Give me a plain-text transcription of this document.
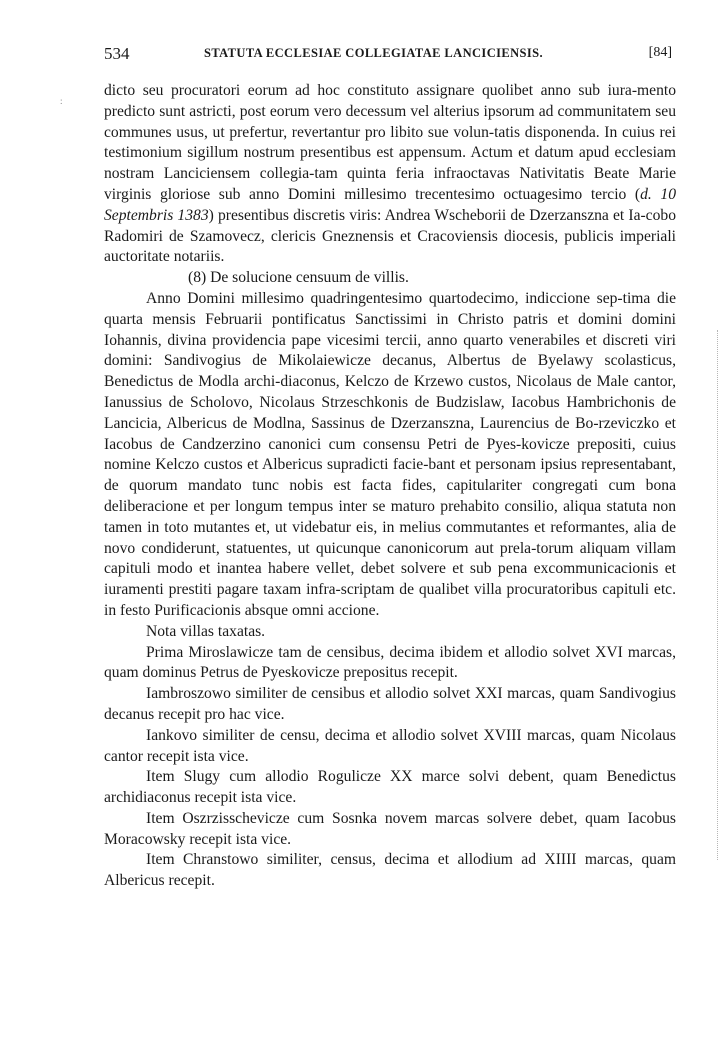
534	STATUTA ECCLESIAE COLLEGIATAE LANCICIENSIS.	[84]
:

dicto seu procuratori eorum ad hoc constituto assignare quolibet anno sub iura-mento predicto sunt astricti, post eorum vero decessum vel alterius ipsorum ad communitatem seu communes usus, ut prefertur, revertantur pro libito sue volun-tatis disponenda. In cuius rei testimonium sigillum nostrum presentibus est appensum. Actum et datum apud ecclesiam nostram Lanciciensem collegia-tam quinta feria infraoctavas Nativitatis Beate Marie virginis gloriose sub anno Domini millesimo trecentesimo octuagesimo tercio (d. 10 Septembris 1383) presentibus discretis viris: Andrea Wscheborii de Dzerzanszna et Ia-cobo Radomiri de Szamovecz, clericis Gneznensis et Cracoviensis diocesis, publicis imperiali auctoritate notariis.

(8) De solucione censuum de villis.

Anno Domini millesimo quadringentesimo quartodecimo, indiccione sep-tima die quarta mensis Februarii pontificatus Sanctissimi in Christo patris et domini domini Iohannis, divina providencia pape vicesimi tercii, anno quarto venerabiles et discreti viri domini: Sandivogius de Mikolaiewicze decanus, Albertus de Byelawy scolasticus, Benedictus de Modla archi-diaconus, Kelczo de Krzewo custos, Nicolaus de Male cantor, Ianussius de Scholovo, Nicolaus Strzeschkonis de Budzislaw, Iacobus Hambrichonis de Lancicia, Albericus de Modlna, Sassinus de Dzerzanszna, Laurencius de Bo-rzeviczko et Iacobus de Candzerzino canonici cum consensu Petri de Pyes-kovicze prepositi, cuius nomine Kelczo custos et Albericus supradicti facie-bant et personam ipsius representabant, de quorum mandato tunc nobis est facta fides, capitulariter congregati cum bona deliberacione et per longum tempus inter se maturo prehabito consilio, aliqua statuta non tamen in toto mutantes et, ut videbatur eis, in melius commutantes et reformantes, alia de novo condiderunt, statuentes, ut quicunque canonicorum aut prela-torum aliquam villam capituli modo et inantea habere vellet, debet solvere et sub pena excommunicacionis et iuramenti prestiti pagare taxam infra-scriptam de qualibet villa procuratoribus capituli etc. in festo Purificacionis absque omni accione.

Nota villas taxatas.

Prima Miroslawicze tam de censibus, decima ibidem et allodio solvet XVI marcas, quam dominus Petrus de Pyeskovicze prepositus recepit.

Iambroszowo similiter de censibus et allodio solvet XXI marcas, quam Sandivogius decanus recepit pro hac vice.

Iankovo similiter de censu, decima et allodio solvet XVIII marcas, quam Nicolaus cantor recepit ista vice.

Item Slugy cum allodio Rogulicze XX marce solvi debent, quam Benedictus archidiaconus recepit ista vice.

Item Oszrzisschevicze cum Sosnka novem marcas solvere debet, quam Iacobus Moracowsky recepit ista vice.

Item Chranstowo similiter, census, decima et allodium ad XIIII marcas, quam Albericus recepit.
